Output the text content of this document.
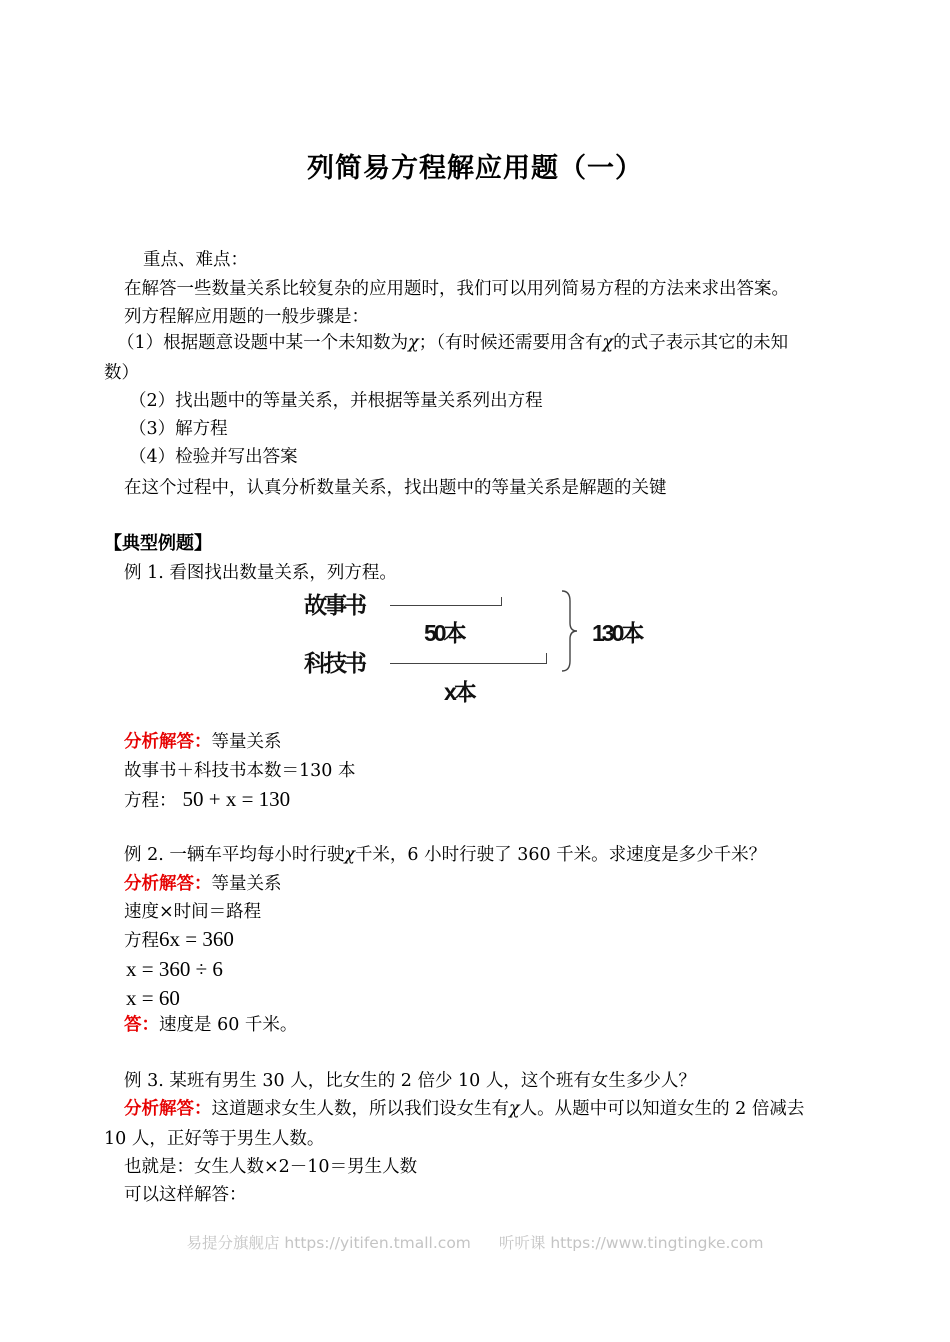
列简易方程解应用题（一）
重点、难点：
在解答一些数量关系比较复杂的应用题时，我们可以用列简易方程的方法来求出答案。
列方程解应用题的一般步骤是：
（1）根据题意设题中某一个未知数为χ；（有时候还需要用含有χ的式子表示其它的未知
数）
（2）找出题中的等量关系，并根据等量关系列出方程
（3）解方程
（4）检验并写出答案
在这个过程中，认真分析数量关系，找出题中的等量关系是解题的关键
【典型例题】
例 1. 看图找出数量关系，列方程。
故事书
50本
科技书
x本
130本
分析解答：等量关系
故事书＋科技书本数＝130 本
方程： 50 + x = 130
例 2. 一辆车平均每小时行驶χ千米，6 小时行驶了 360 千米。求速度是多少千米？
分析解答：等量关系
速度×时间＝路程
方程6x = 360
x = 360 ÷ 6
x = 60
答：速度是 60 千米。
例 3. 某班有男生 30 人，比女生的 2 倍少 10 人，这个班有女生多少人？
分析解答：这道题求女生人数，所以我们设女生有χ人。从题中可以知道女生的 2 倍减去
10 人，正好等于男生人数。
也就是：女生人数×2－10＝男生人数
可以这样解答：
易提分旗舰店 https://yitifen.tmall.com 听听课 https://www.tingtingke.com
